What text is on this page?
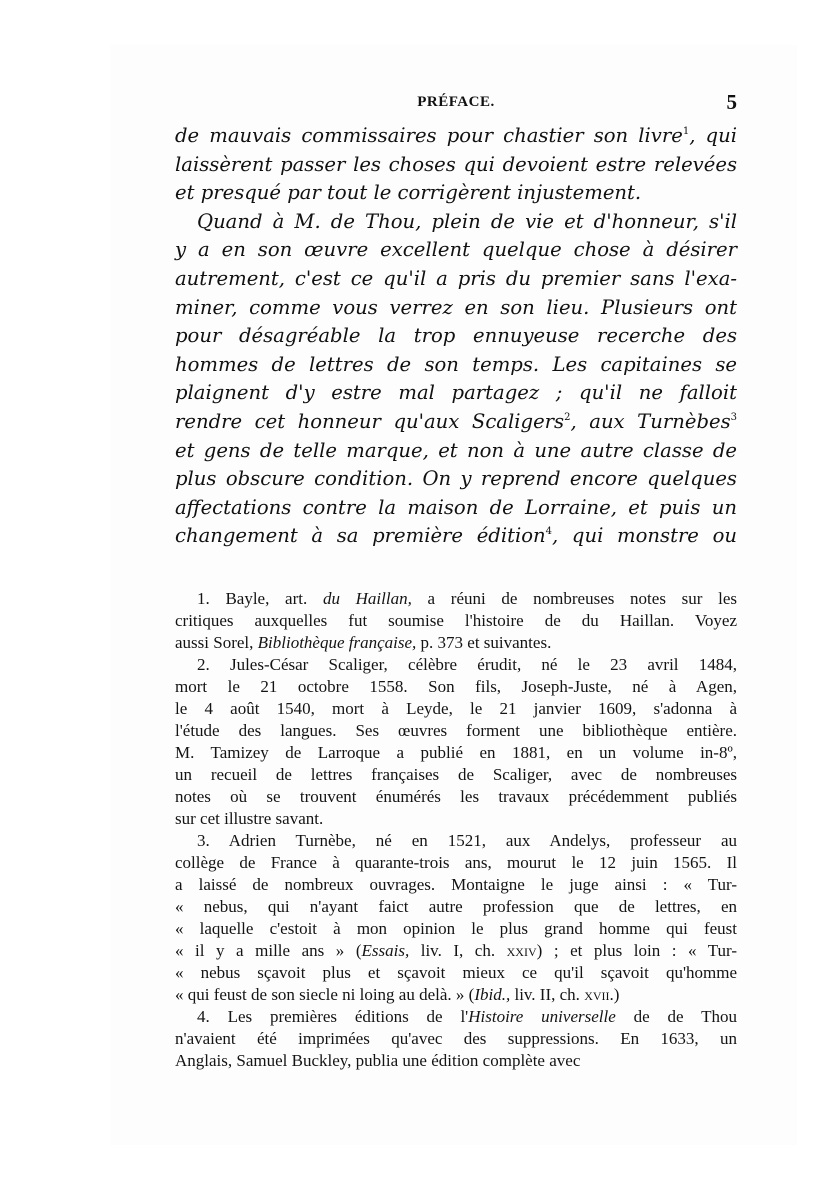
PRÉFACE.	5
de mauvais commissaires pour chastier son livre$^1$, qui
laissèrent passer les choses qui devoient estre relevées
et presqué par tout le corrigèrent injustement.
Quand à M. de Thou, plein de vie et d'honneur, s'il
y a en son œuvre excellent quelque chose à désirer
autrement, c'est ce qu'il a pris du premier sans l'exa-
miner, comme vous verrez en son lieu. Plusieurs ont
pour désagréable la trop ennuyeuse recerche des
hommes de lettres de son temps. Les capitaines se
plaignent d'y estre mal partagez ; qu'il ne falloit
rendre cet honneur qu'aux Scaligers$^2$, aux Turnèbes$^3$
et gens de telle marque, et non à une autre classe de
plus obscure condition. On y reprend encore quelques
affectations contre la maison de Lorraine, et puis un
changement à sa première édition$^4$, qui monstre ou
1. Bayle, art. du Haillan, a réuni de nombreuses notes sur les
critiques auxquelles fut soumise l'histoire de du Haillan. Voyez
aussi Sorel, Bibliothèque française, p. 373 et suivantes.
2. Jules-César Scaliger, célèbre érudit, né le 23 avril 1484,
mort le 21 octobre 1558. Son fils, Joseph-Juste, né à Agen,
le 4 août 1540, mort à Leyde, le 21 janvier 1609, s'adonna à
l'étude des langues. Ses œuvres forment une bibliothèque entière.
M. Tamizey de Larroque a publié en 1881, en un volume in-8º,
un recueil de lettres françaises de Scaliger, avec de nombreuses
notes où se trouvent énumérés les travaux précédemment publiés
sur cet illustre savant.
3. Adrien Turnèbe, né en 1521, aux Andelys, professeur au
collège de France à quarante-trois ans, mourut le 12 juin 1565. Il
a laissé de nombreux ouvrages. Montaigne le juge ainsi : « Tur-
« nebus, qui n'ayant faict autre profession que de lettres, en
« laquelle c'estoit à mon opinion le plus grand homme qui feust
« il y a mille ans » (Essais, liv. I, ch. xxiv) ; et plus loin : « Tur-
« nebus sçavoit plus et sçavoit mieux ce qu'il sçavoit qu'homme
« qui feust de son siecle ni loing au delà. » (Ibid., liv. II, ch. xvii.)
4. Les premières éditions de l'Histoire universelle de de Thou
n'avaient été imprimées qu'avec des suppressions. En 1633, un
Anglais, Samuel Buckley, publia une édition complète avec
